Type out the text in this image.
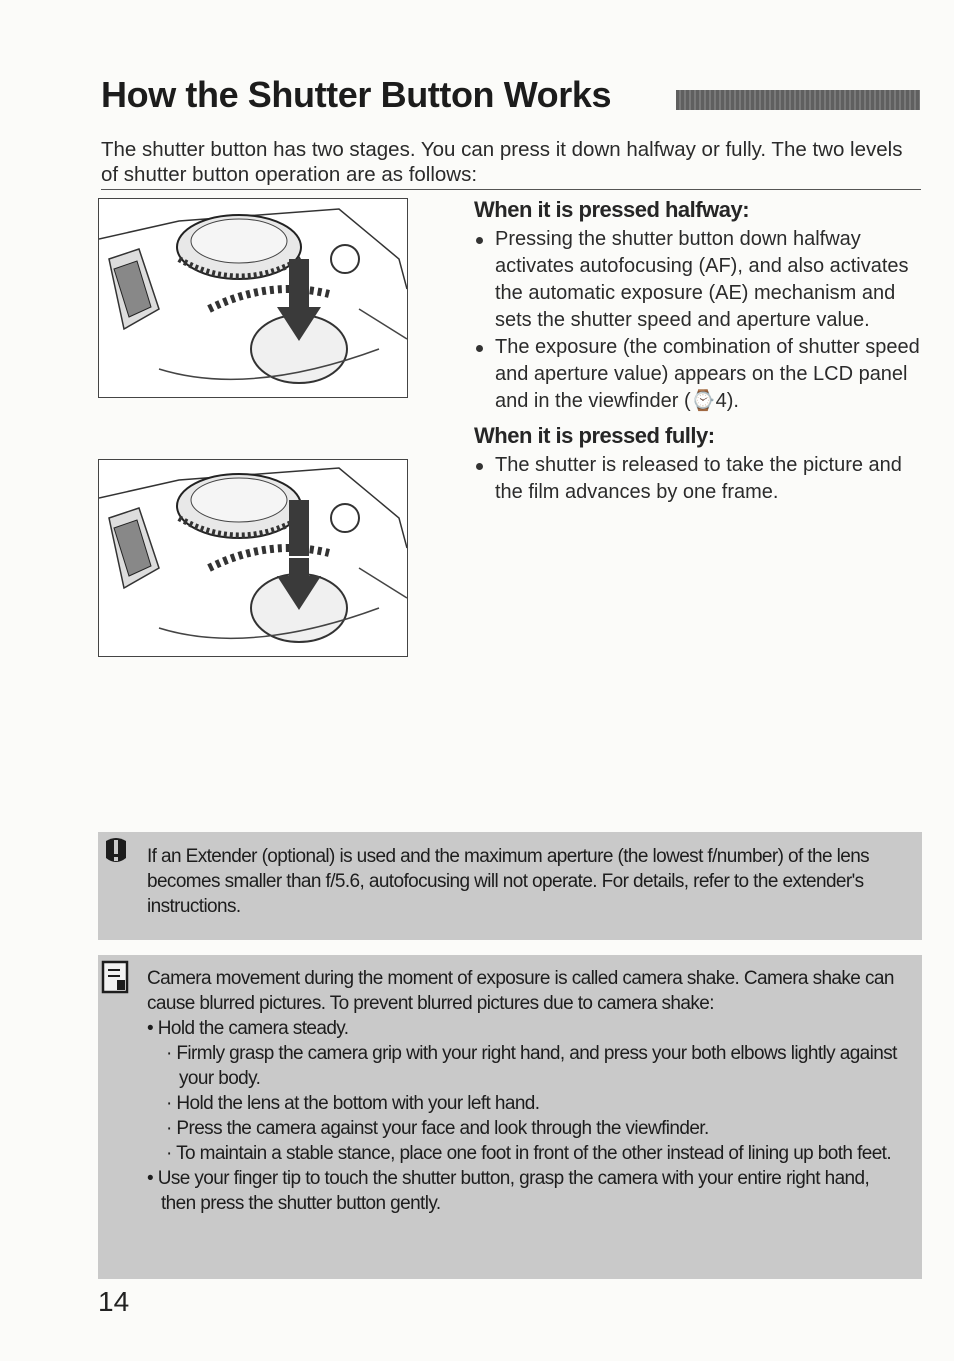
How the Shutter Button Works
The shutter button has two stages. You can press it down halfway or fully. The two levels of shutter button operation are as follows:
When it is pressed halfway:
Pressing the shutter button down halfway activates autofocusing (AF), and also activates the automatic exposure (AE) mechanism and sets the shutter speed and aperture value.
The exposure (the combination of shutter speed and aperture value) appears on the LCD panel and in the viewfinder (⌚4).
When it is pressed fully:
The shutter is released to take the picture and the film advances by one frame.
If an Extender (optional) is used and the maximum aperture (the lowest f/number) of the lens becomes smaller than f/5.6, autofocusing will not operate. For details, refer to the extender's instructions.
Camera movement during the moment of exposure is called camera shake. Camera shake can cause blurred pictures. To prevent blurred pictures due to camera shake:
• Hold the camera steady.
· Firmly grasp the camera grip with your right hand, and press your both elbows lightly against your body.
· Hold the lens at the bottom with your left hand.
· Press the camera against your face and look through the viewfinder.
· To maintain a stable stance, place one foot in front of the other instead of lining up both feet.
• Use your finger tip to touch the shutter button, grasp the camera with your entire right hand, then press the shutter button gently.
14
